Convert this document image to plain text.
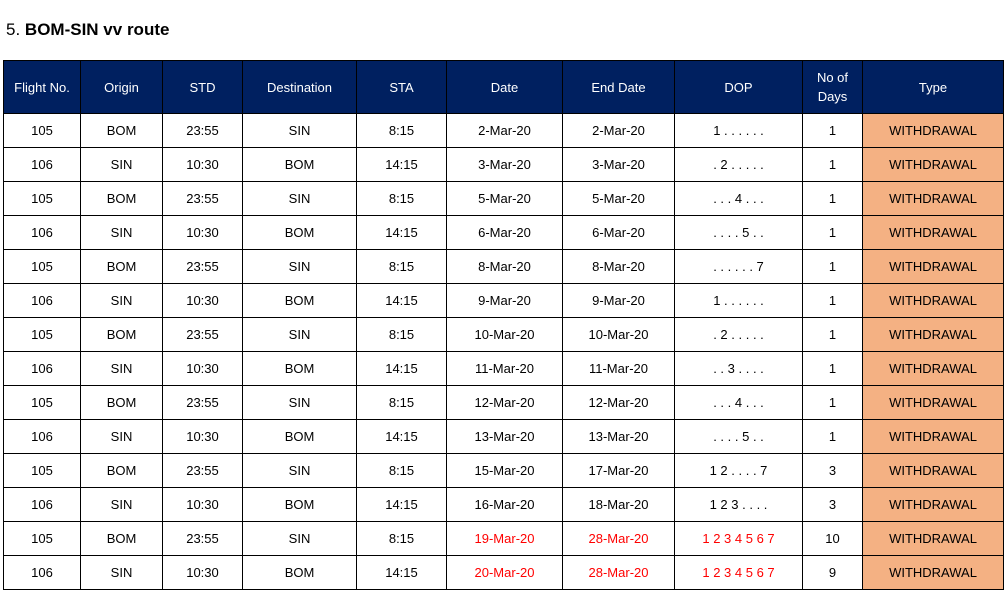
5. BOM-SIN vv route
Flight No.	Origin	STD	Destination	STA	Date	End Date	DOP	No of Days	Type
105	BOM	23:55	SIN	8:15	2-Mar-20	2-Mar-20	1 . . . . . .	1	WITHDRAWAL
106	SIN	10:30	BOM	14:15	3-Mar-20	3-Mar-20	. 2 . . . . .	1	WITHDRAWAL
105	BOM	23:55	SIN	8:15	5-Mar-20	5-Mar-20	. . . 4 . . .	1	WITHDRAWAL
106	SIN	10:30	BOM	14:15	6-Mar-20	6-Mar-20	. . . . 5 . .	1	WITHDRAWAL
105	BOM	23:55	SIN	8:15	8-Mar-20	8-Mar-20	. . . . . . 7	1	WITHDRAWAL
106	SIN	10:30	BOM	14:15	9-Mar-20	9-Mar-20	1 . . . . . .	1	WITHDRAWAL
105	BOM	23:55	SIN	8:15	10-Mar-20	10-Mar-20	. 2 . . . . .	1	WITHDRAWAL
106	SIN	10:30	BOM	14:15	11-Mar-20	11-Mar-20	. . 3 . . . .	1	WITHDRAWAL
105	BOM	23:55	SIN	8:15	12-Mar-20	12-Mar-20	. . . 4 . . .	1	WITHDRAWAL
106	SIN	10:30	BOM	14:15	13-Mar-20	13-Mar-20	. . . . 5 . .	1	WITHDRAWAL
105	BOM	23:55	SIN	8:15	15-Mar-20	17-Mar-20	1 2 . . . . 7	3	WITHDRAWAL
106	SIN	10:30	BOM	14:15	16-Mar-20	18-Mar-20	1 2 3 . . . .	3	WITHDRAWAL
105	BOM	23:55	SIN	8:15	19-Mar-20	28-Mar-20	1 2 3 4 5 6 7	10	WITHDRAWAL
106	SIN	10:30	BOM	14:15	20-Mar-20	28-Mar-20	1 2 3 4 5 6 7	9	WITHDRAWAL
